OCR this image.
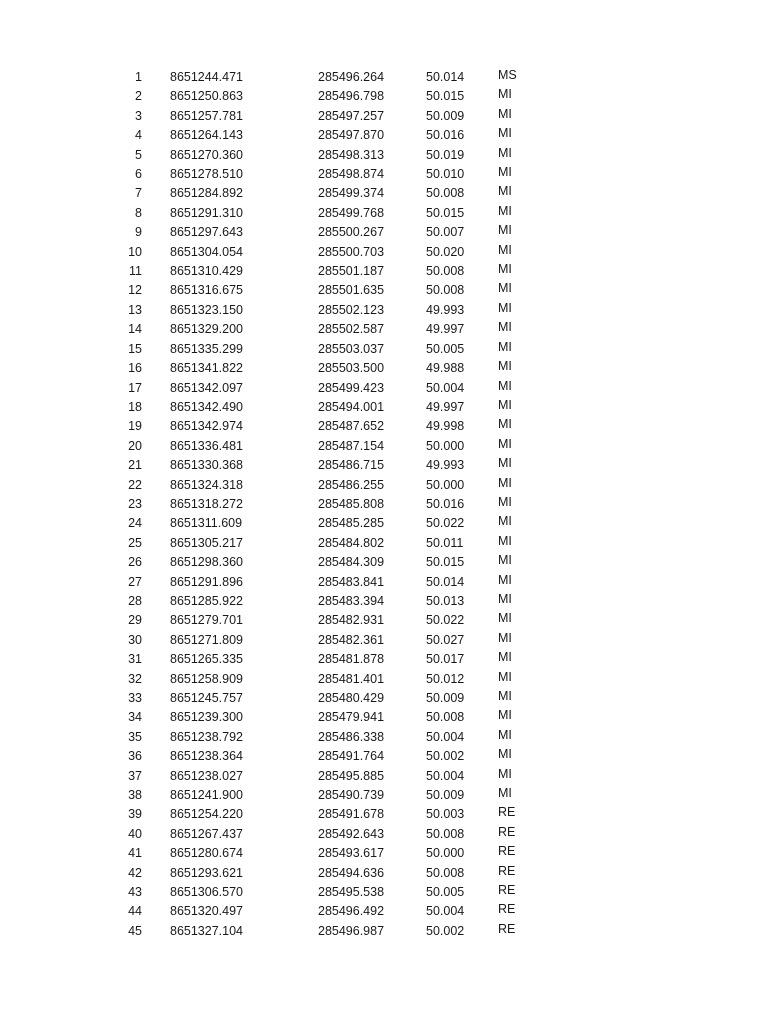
1	8651244.471	285496.264	50.014	MS
2	8651250.863	285496.798	50.015	MI
3	8651257.781	285497.257	50.009	MI
4	8651264.143	285497.870	50.016	MI
5	8651270.360	285498.313	50.019	MI
6	8651278.510	285498.874	50.010	MI
7	8651284.892	285499.374	50.008	MI
8	8651291.310	285499.768	50.015	MI
9	8651297.643	285500.267	50.007	MI
10	8651304.054	285500.703	50.020	MI
11	8651310.429	285501.187	50.008	MI
12	8651316.675	285501.635	50.008	MI
13	8651323.150	285502.123	49.993	MI
14	8651329.200	285502.587	49.997	MI
15	8651335.299	285503.037	50.005	MI
16	8651341.822	285503.500	49.988	MI
17	8651342.097	285499.423	50.004	MI
18	8651342.490	285494.001	49.997	MI
19	8651342.974	285487.652	49.998	MI
20	8651336.481	285487.154	50.000	MI
21	8651330.368	285486.715	49.993	MI
22	8651324.318	285486.255	50.000	MI
23	8651318.272	285485.808	50.016	MI
24	8651311.609	285485.285	50.022	MI
25	8651305.217	285484.802	50.011	MI
26	8651298.360	285484.309	50.015	MI
27	8651291.896	285483.841	50.014	MI
28	8651285.922	285483.394	50.013	MI
29	8651279.701	285482.931	50.022	MI
30	8651271.809	285482.361	50.027	MI
31	8651265.335	285481.878	50.017	MI
32	8651258.909	285481.401	50.012	MI
33	8651245.757	285480.429	50.009	MI
34	8651239.300	285479.941	50.008	MI
35	8651238.792	285486.338	50.004	MI
36	8651238.364	285491.764	50.002	MI
37	8651238.027	285495.885	50.004	MI
38	8651241.900	285490.739	50.009	MI
39	8651254.220	285491.678	50.003	RE
40	8651267.437	285492.643	50.008	RE
41	8651280.674	285493.617	50.000	RE
42	8651293.621	285494.636	50.008	RE
43	8651306.570	285495.538	50.005	RE
44	8651320.497	285496.492	50.004	RE
45	8651327.104	285496.987	50.002	RE
